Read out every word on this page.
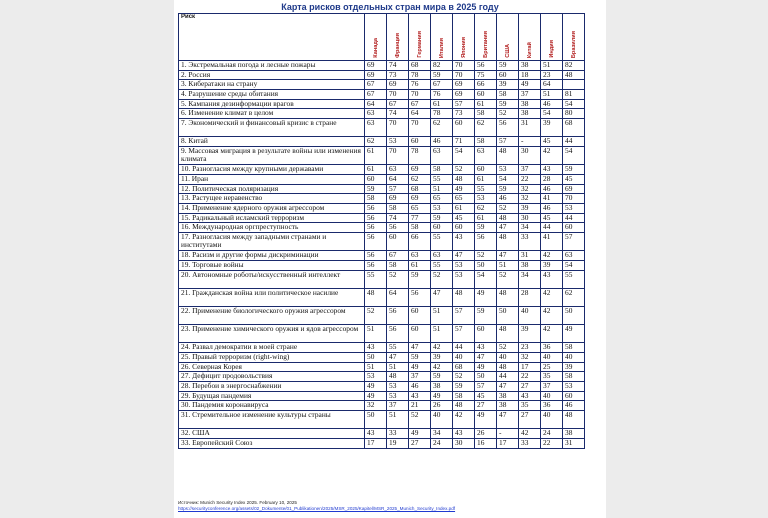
Карта рисков отдельных стран мира в 2025 году
Риск	Канада	Франция	Германия	Италия	Япония	Британия	США	Китай	Индия	Бразилия

1. Экстремальная погода и лесные пожары	69	74	68	82	70	56	59	38	51	82
2. Россия	69	73	78	59	70	75	60	18	23	48
3. Кибератаки на страну	67	69	76	67	69	66	39	49	64	
4. Разрушение среды обитания	67	70	70	76	69	60	58	37	51	81
5. Кампания дезинформации врагов	64	67	67	61	57	61	59	38	46	54
6. Изменение климат в целом	63	74	64	78	73	58	52	38	54	80
7. Экономический и финансовый кризис в стране	63	70	70	62	60	62	56	31	39	68
8. Китай	62	53	60	46	71	58	57	-	45	44
9. Массовая миграция в результате войны или изменения климата	61	70	78	63	54	63	48	30	42	54
10. Разногласия между крупными державами	61	63	69	58	52	60	53	37	43	59
11. Иран	60	64	62	55	48	61	54	22	28	45
12. Политическая поляризация	59	57	68	51	49	55	59	32	46	69
13. Растущее неравенство	58	69	69	65	65	53	46	32	41	70
14. Применение ядерного оружия агрессором	56	58	65	53	61	62	52	39	46	53
15. Радикальный исламский терроризм	56	74	77	59	45	61	48	30	45	44
16. Международная оргпреступность	56	56	58	60	60	59	47	34	44	60
17. Разногласия между западными странами и институтами	56	60	66	55	43	56	48	33	41	57
18. Расизм и другие формы дискриминации	56	67	63	63	47	52	47	31	42	63
19. Торговые войны	56	58	61	55	53	50	51	38	39	54
20. Автономные роботы/искусственный интеллект	55	52	59	52	53	54	52	34	43	55
21. Гражданская война или политическое насилие	48	64	56	47	48	49	48	28	42	62
22. Применение биологического оружия агрессором	52	56	60	51	57	59	50	40	42	50
23. Применение химического оружия и ядов агрессором	51	56	60	51	57	60	48	39	42	49
24. Развал демократии в моей стране	43	55	47	42	44	43	52	23	36	58
25. Правый терроризм (right-wing)	50	47	59	39	40	47	40	32	40	40
26. Северная Корея	51	51	49	42	68	49	48	17	25	39
27. Дефицит продовольствия	53	48	37	59	52	50	44	22	35	58
28. Перебои в энергоснабжении	49	53	46	38	59	57	47	27	37	53
29. Будущая пандемия	49	53	43	49	58	45	38	43	40	60
30. Пандемия коронавируса	32	37	21	26	48	27	38	35	36	46
31. Стремительное изменение культуры страны	50	51	52	40	42	49	47	27	40	48
32. США	43	33	49	34	43	26	-	42	24	38
33. Европейский Союз	17	19	27	24	30	16	17	33	22	31
Источник: Munich Security Index 2025. February 10, 2025
https://securityconference.org/assets/02_Dokumente/01_Publikationen/2025/MSR_2025/Kapitel/MSR_2025_Munich_Security_Index.pdf
